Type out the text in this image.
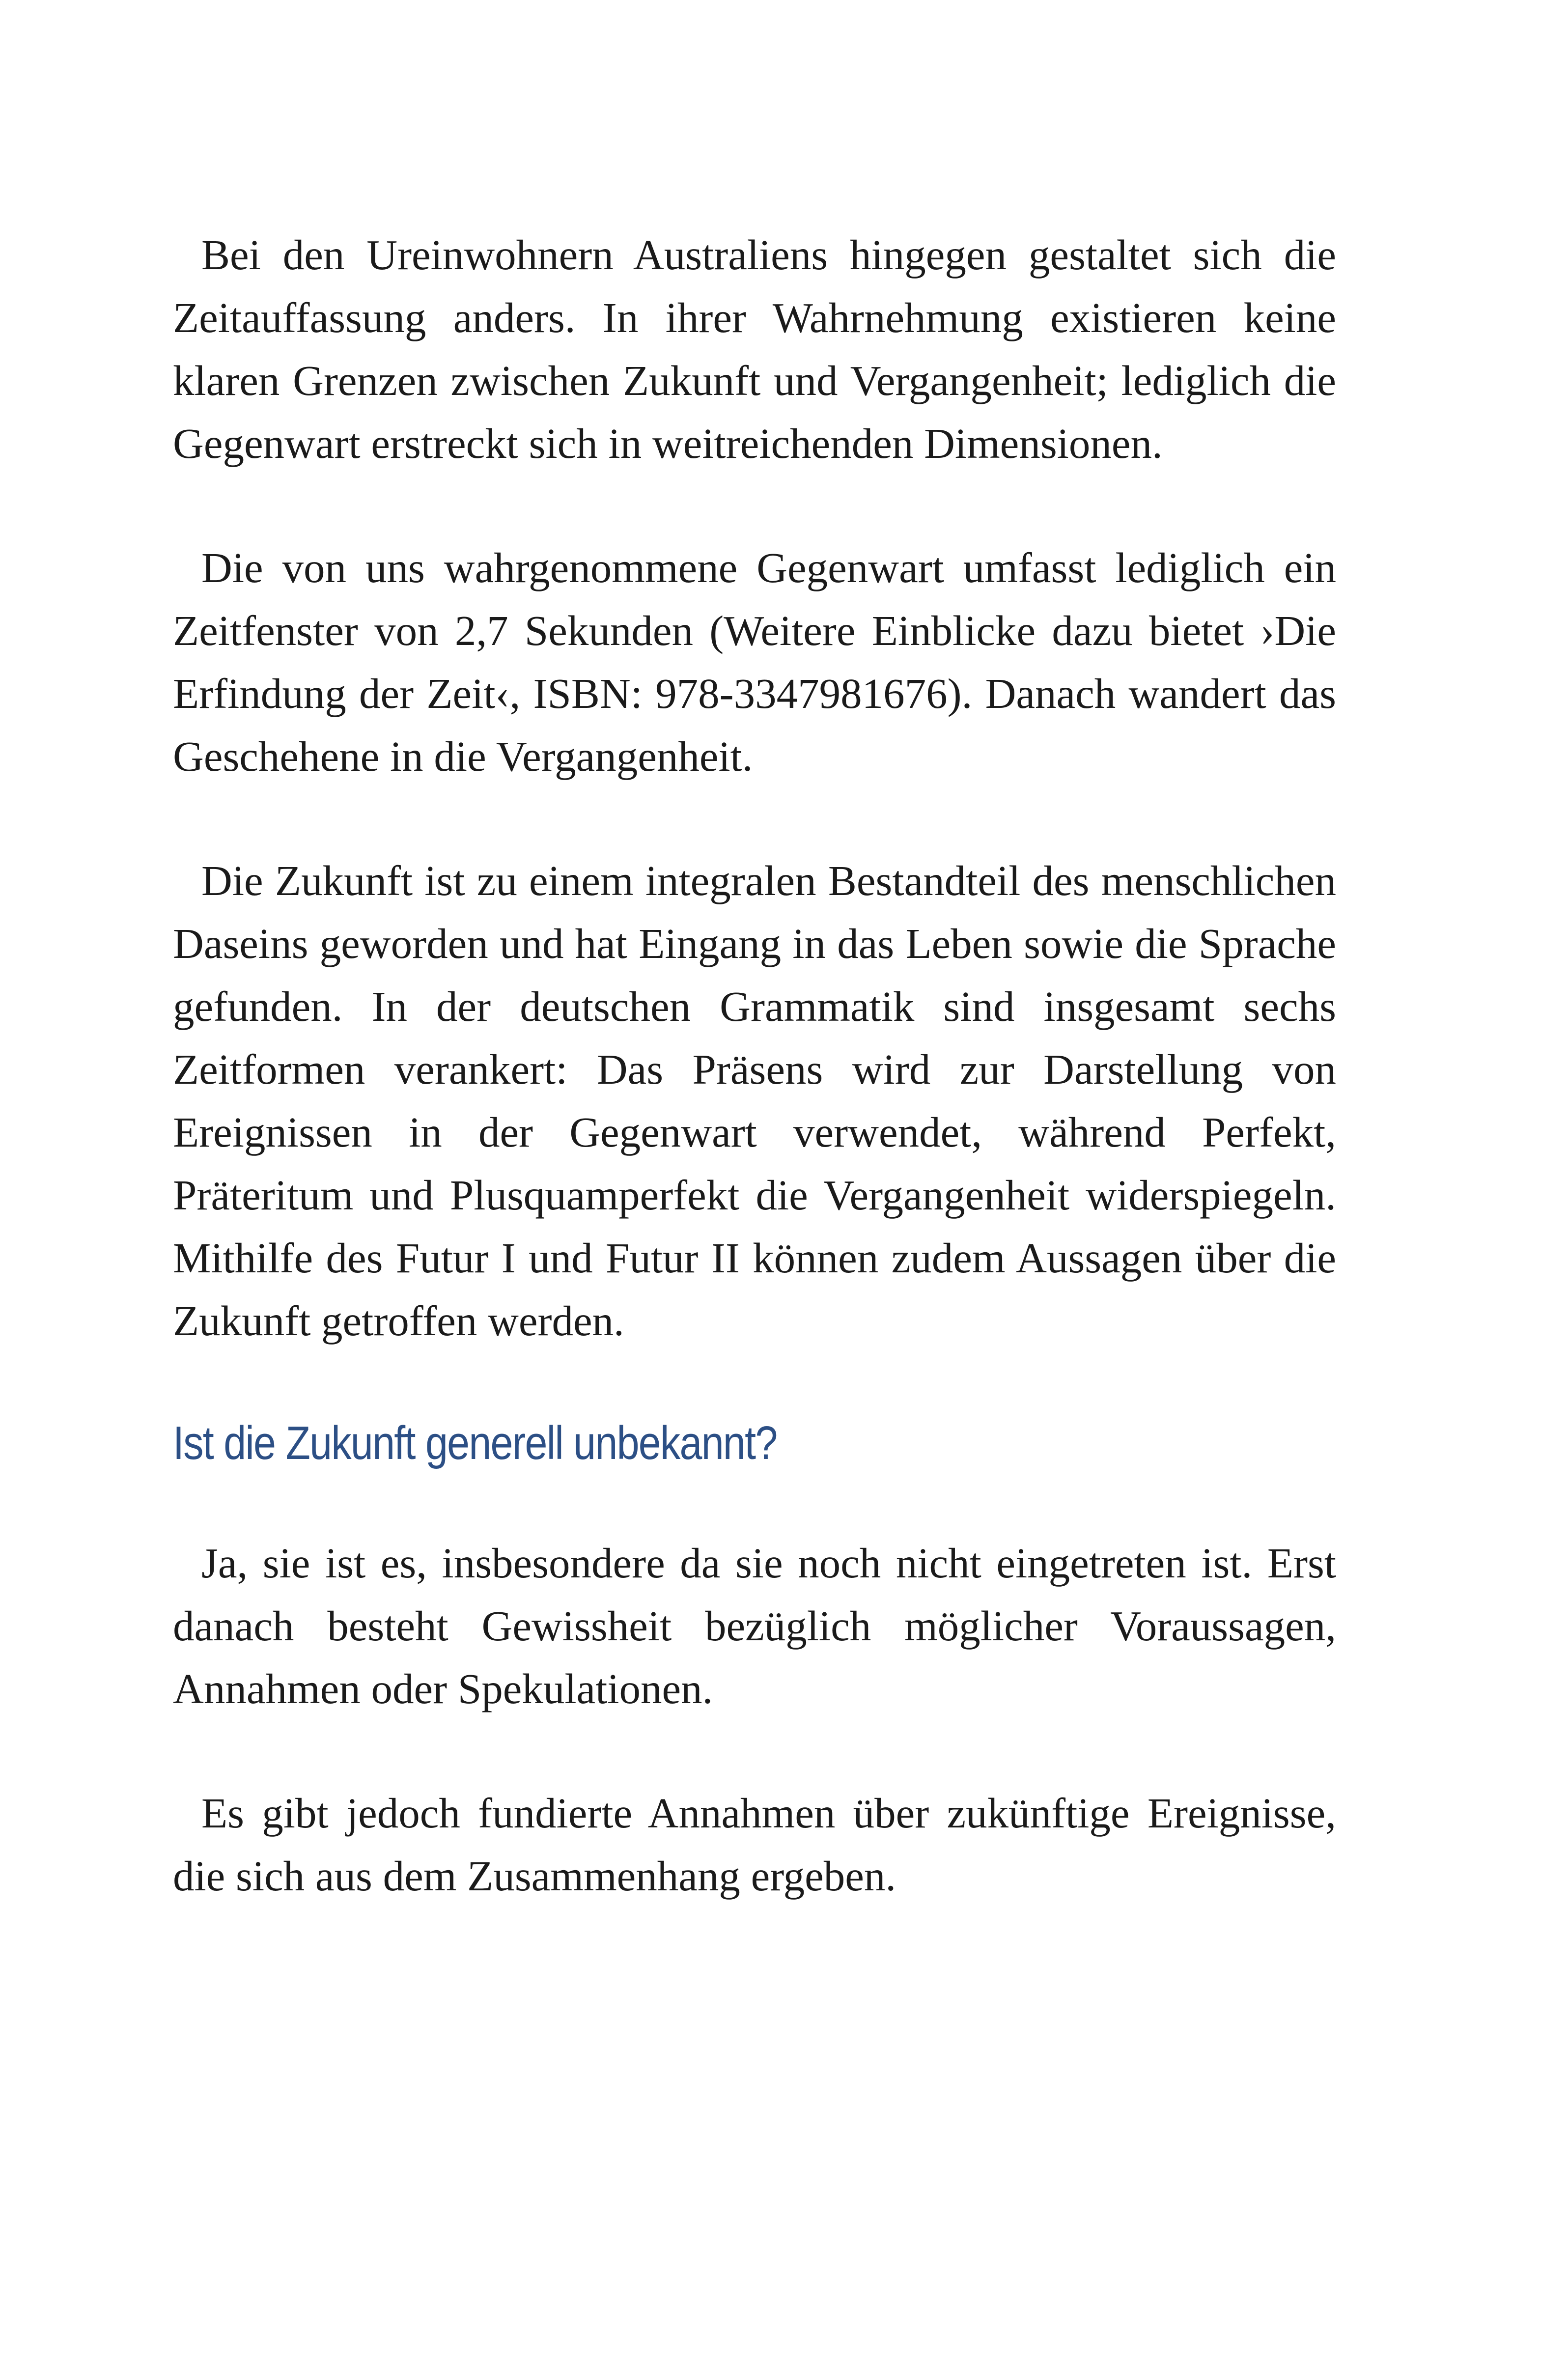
Bei den Ureinwohnern Australiens hingegen gestaltet sich die Zeitauffassung anders. In ihrer Wahrnehmung existieren keine klaren Grenzen zwischen Zukunft und Vergangenheit; lediglich die Gegenwart erstreckt sich in weitreichenden Dimensionen.

Die von uns wahrgenommene Gegenwart umfasst lediglich ein Zeitfenster von 2,7 Sekunden (Weitere Einblicke dazu bietet ›Die Erfindung der Zeit‹, ISBN: 978-3347981676). Danach wandert das Geschehene in die Vergangenheit.

Die Zukunft ist zu einem integralen Bestandteil des menschlichen Daseins geworden und hat Eingang in das Leben sowie die Sprache gefunden. In der deutschen Grammatik sind insgesamt sechs Zeitformen verankert: Das Präsens wird zur Darstellung von Ereignissen in der Gegenwart verwendet, während Perfekt, Präteritum und Plusquamperfekt die Vergangenheit widerspiegeln. Mithilfe des Futur I und Futur II können zudem Aussagen über die Zukunft getroffen werden.

Ist die Zukunft generell unbekannt?

Ja, sie ist es, insbesondere da sie noch nicht eingetreten ist. Erst danach besteht Gewissheit bezüglich möglicher Voraussagen, Annahmen oder Spekulationen.

Es gibt jedoch fundierte Annahmen über zukünftige Ereignisse, die sich aus dem Zusammenhang ergeben.
